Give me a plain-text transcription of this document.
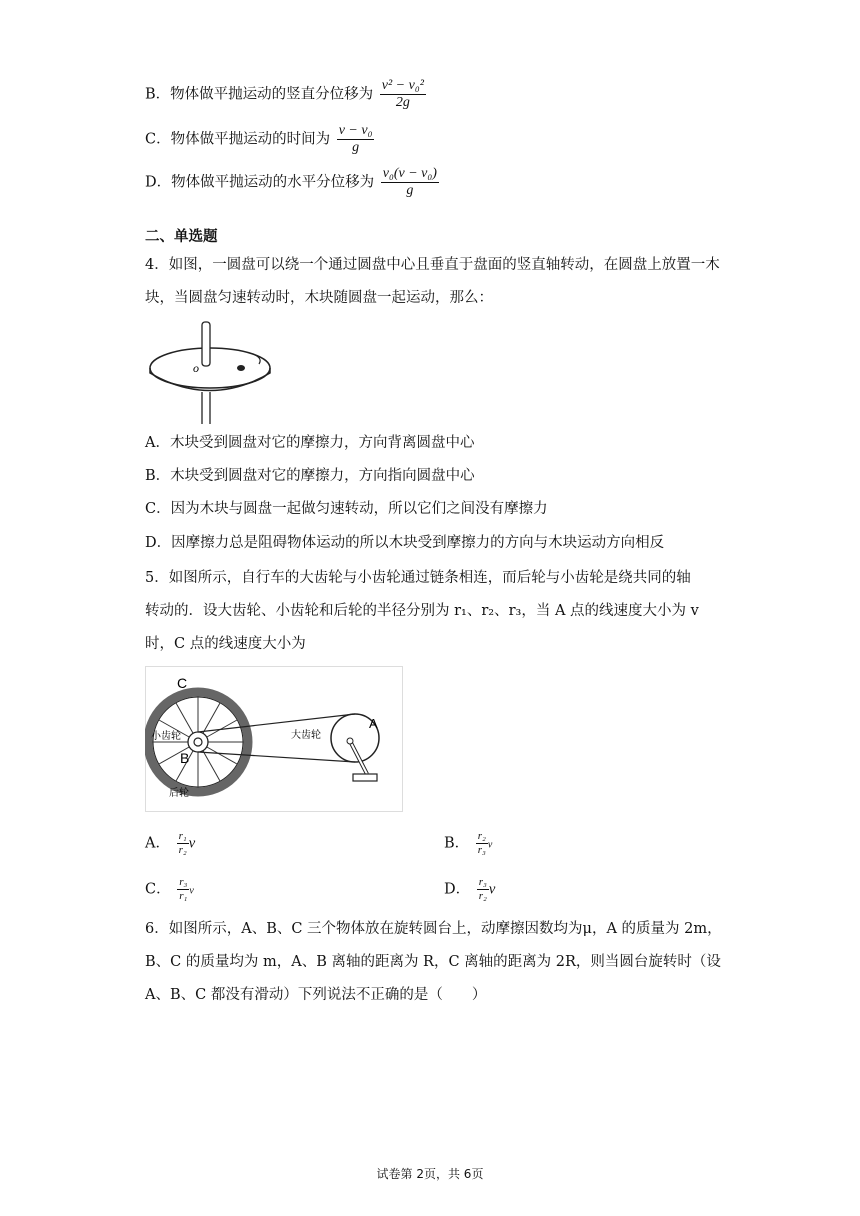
B．物体做平抛运动的竖直分位移为 $\frac{\text{v² − v₀²}}{2g}$
C．物体做平抛运动的时间为 $\frac{\text{v − v₀}}{g}$
D．物体做平抛运动的水平分位移为 $\frac{\text{v₀(v − v₀)}}{g}$
二、单选题
4．如图，一圆盘可以绕一个通过圆盘中心且垂直于盘面的竖直轴转动，在圆盘上放置一木块，当圆盘匀速转动时，木块随圆盘一起运动，那么：
o
A．木块受到圆盘对它的摩擦力，方向背离圆盘中心
B．木块受到圆盘对它的摩擦力，方向指向圆盘中心
C．因为木块与圆盘一起做匀速转动，所以它们之间没有摩擦力
D．因摩擦力总是阻碍物体运动的所以木块受到摩擦力的方向与木块运动方向相反
5．如图所示，自行车的大齿轮与小齿轮通过链条相连，而后轮与小齿轮是绕共同的轴
转动的．设大齿轮、小齿轮和后轮的半径分别为 r₁、r₂、r₃，当 A 点的线速度大小为 v
时，C 点的线速度大小为
C
A
B
小齿轮	大齿轮
后轮
A． $\frac{\text{r₁}}{\text{r₂}}$ v	B． $\frac{\text{r₂}}{\text{r₃}}$ v
C． $\frac{\text{r₃}}{\text{r₁}}$ v	D． $\frac{\text{r₃}}{\text{r₂}}$ v
6．如图所示，A、B、C 三个物体放在旋转圆台上，动摩擦因数均为μ，A 的质量为 2m，
B、C 的质量均为 m，A、B 离轴的距离为 R，C 离轴的距离为 2R，则当圆台旋转时（设
A、B、C 都没有滑动）下列说法不正确的是（　　）
试卷第 2页，共 6页
